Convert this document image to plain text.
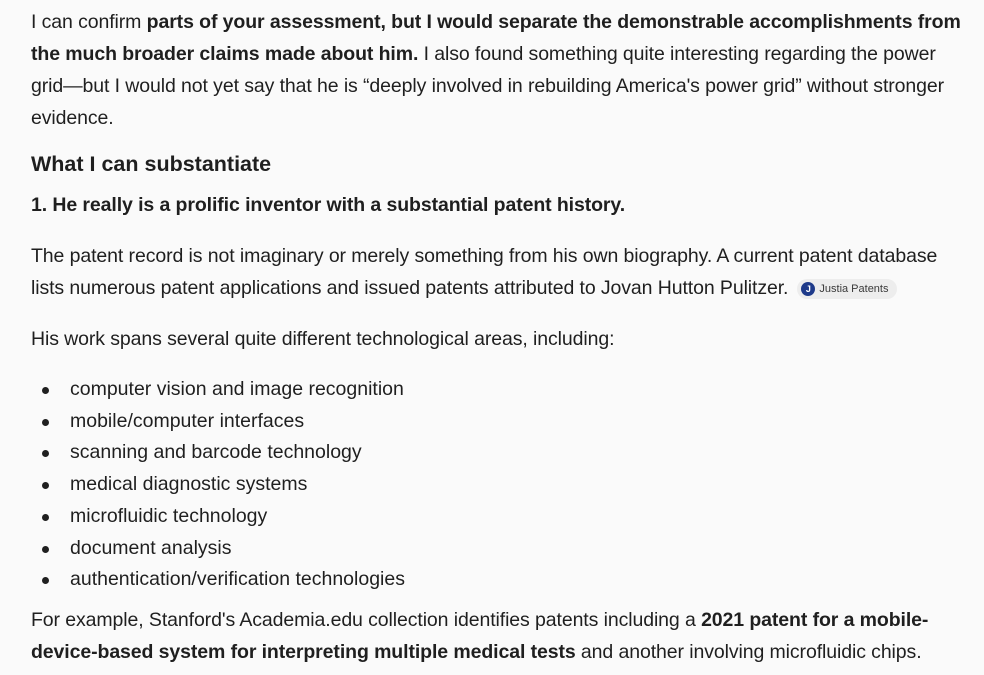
I can confirm parts of your assessment, but I would separate the demonstrable accomplishments from the much broader claims made about him. I also found something quite interesting regarding the power grid—but I would not yet say that he is “deeply involved in rebuilding America's power grid” without stronger evidence.

What I can substantiate

1. He really is a prolific inventor with a substantial patent history.

The patent record is not imaginary or merely something from his own biography. A current patent database lists numerous patent applications and issued patents attributed to Jovan Hutton Pulitzer.	J Justia Patents

His work spans several quite different technological areas, including:

computer vision and image recognition
mobile/computer interfaces
scanning and barcode technology
medical diagnostic systems
microfluidic technology
document analysis
authentication/verification technologies

For example, Stanford's Academia.edu collection identifies patents including a 2021 patent for a mobile-device-based system for interpreting multiple medical tests and another involving microfluidic chips.
